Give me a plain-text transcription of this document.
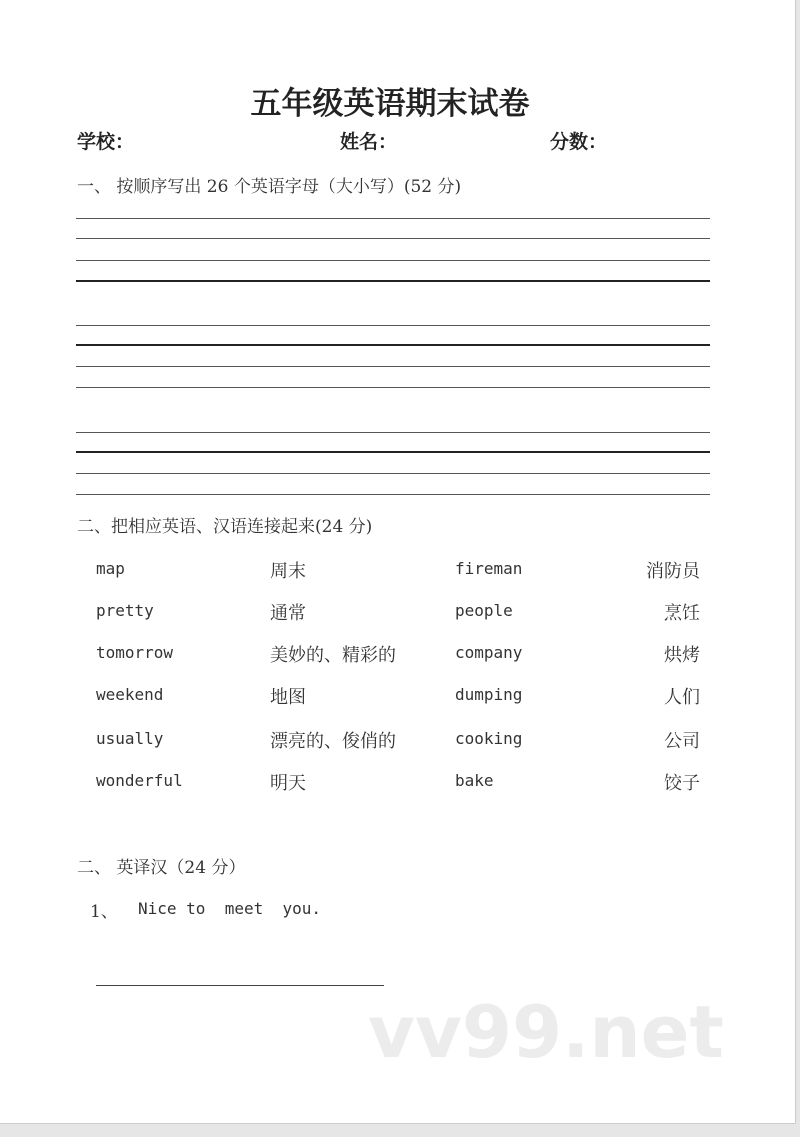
五年级英语期末试卷
学校：	姓名：	分数：
一、 按顺序写出 26 个英语字母（大小写）(52 分)
二、把相应英语、汉语连接起来(24 分)
map	周末	fireman	消防员
pretty	通常	people	烹饪
tomorrow	美妙的、精彩的	company	烘烤
weekend	地图	dumping	人们
usually	漂亮的、俊俏的	cooking	公司
wonderful	明天	bake	饺子
二、 英译汉（24 分）
1、 Nice to  meet  you.
vv99.net
